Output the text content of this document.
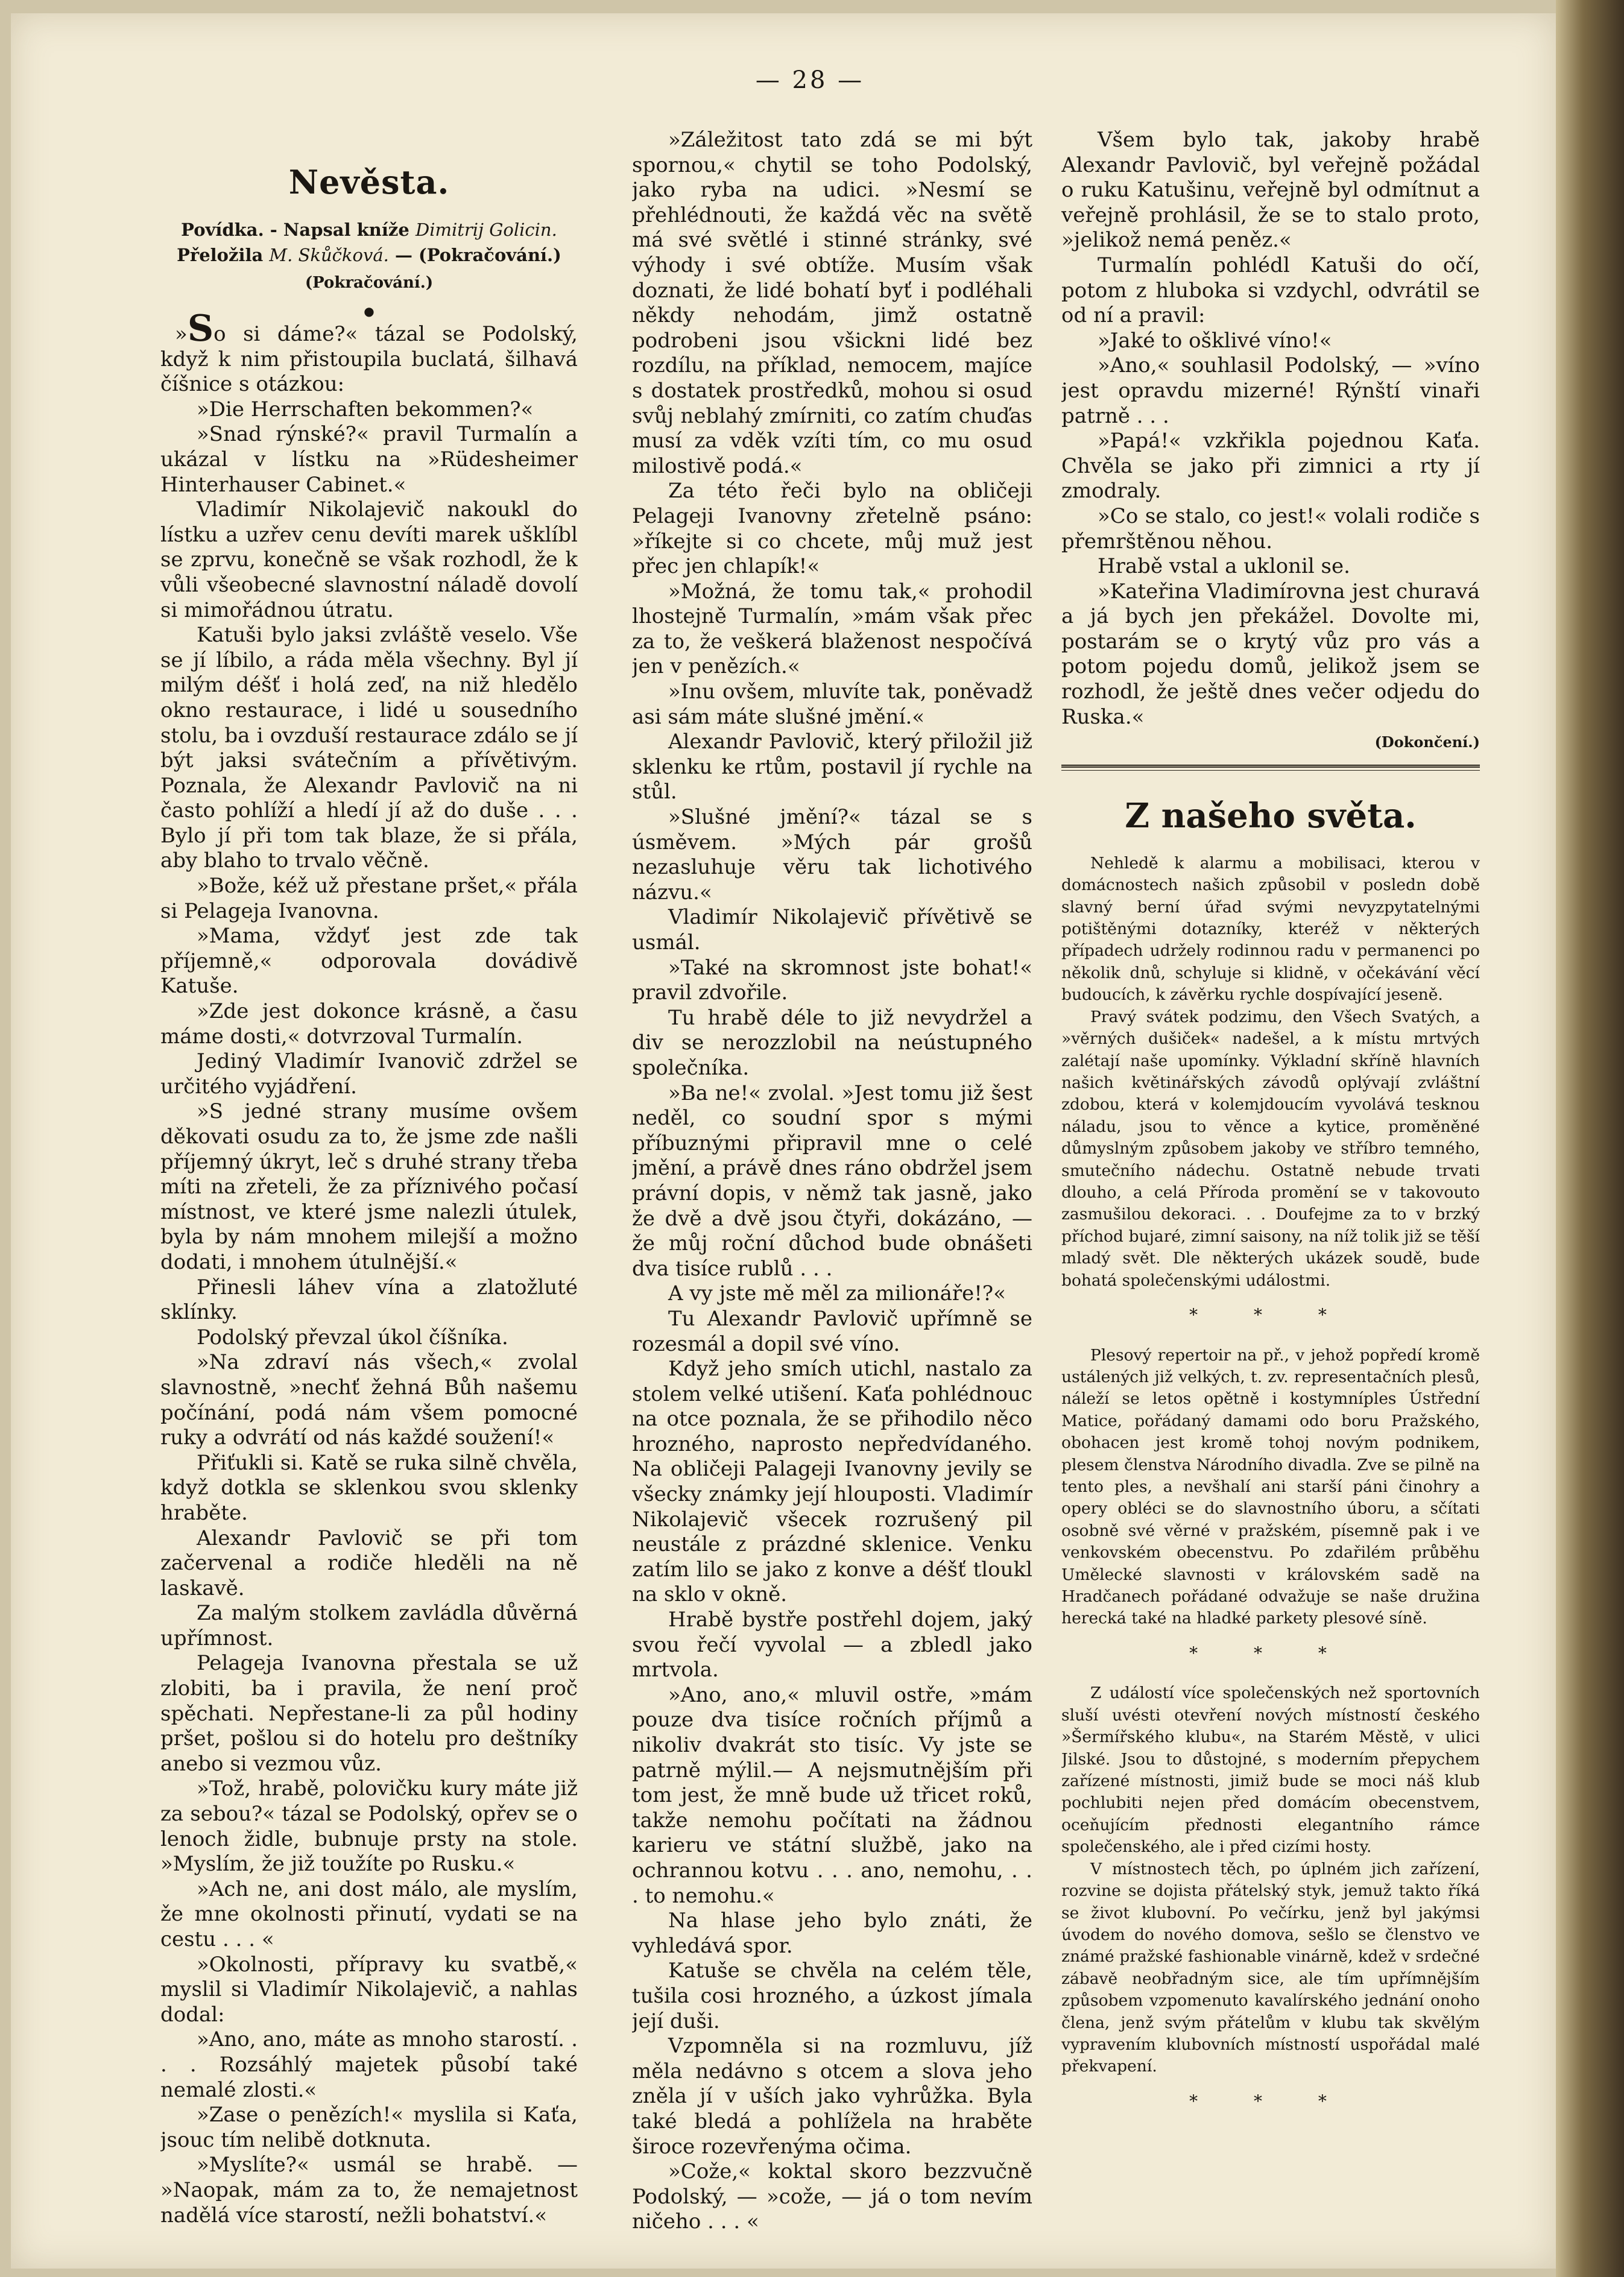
— 28 —
Nevěsta.
Povídka. - Napsal kníže Dimitrij Golicin.
Přeložila M. Skůčková. — (Pokračování.)
(Pokračování.)
●

»So si dáme?« tázal se Podolský, když k nim přistoupila buclatá, šilhavá číšnice s otázkou:

»Die Herrschaften bekommen?«

»Snad rýnské?« pravil Turmalín a ukázal v lístku na »Rüdesheimer Hinterhauser Cabinet.«

Vladimír Nikolajevič nakoukl do lístku a uzřev cenu devíti marek ušklíbl se zprvu, konečně se však rozhodl, že k vůli všeobecné slavnostní náladě dovolí si mimořádnou útratu.

Katuši bylo jaksi zvláště veselo. Vše se jí líbilo, a ráda měla všechny. Byl jí milým déšť i holá zeď, na niž hledělo okno restaurace, i lidé u sousedního stolu, ba i ovzduší restaurace zdálo se jí být jaksi svátečním a přívětivým. Poznala, že Alexandr Pavlovič na ni často pohlíží a hledí jí až do duše . . . Bylo jí při tom tak blaze, že si přála, aby blaho to trvalo věčně.

»Bože, kéž už přestane pršet,« přála si Pelageja Ivanovna.

»Mama, vždyť jest zde tak příjemně,« odporovala dovádivě Katuše.

»Zde jest dokonce krásně, a času máme dosti,« dotvrzoval Turmalín.

Jediný Vladimír Ivanovič zdržel se určitého vyjádření.

»S jedné strany musíme ovšem děkovati osudu za to, že jsme zde našli příjemný úkryt, leč s druhé strany třeba míti na zřeteli, že za příznivého počasí místnost, ve které jsme nalezli útulek, byla by nám mnohem milejší a možno dodati, i mnohem útulnější.«

Přinesli láhev vína a zlatožluté sklínky.

Podolský převzal úkol číšníka.

»Na zdraví nás všech,« zvolal slavnostně, »nechť žehná Bůh našemu počínání, podá nám všem pomocné ruky a odvrátí od nás každé soužení!«

Přiťukli si. Katě se ruka silně chvěla, když dotkla se sklenkou svou sklenky hraběte.

Alexandr Pavlovič se při tom začervenal a rodiče hleděli na ně laskavě.

Za malým stolkem zavládla důvěrná upřímnost.

Pelageja Ivanovna přestala se už zlobiti, ba i pravila, že není proč spěchati. Nepřestane-li za půl hodiny pršet, pošlou si do hotelu pro deštníky anebo si vezmou vůz.

»Tož, hrabě, polovičku kury máte již za sebou?« tázal se Podolský, opřev se o lenoch židle, bubnuje prsty na stole. »Myslím, že již toužíte po Rusku.«

»Ach ne, ani dost málo, ale myslím, že mne okolnosti přinutí, vydati se na cestu . . . «

»Okolnosti, přípravy ku svatbě,« myslil si Vladimír Nikolajevič, a nahlas dodal:

»Ano, ano, máte as mnoho starostí. . . . Rozsáhlý majetek působí také nemalé zlosti.«

»Zase o penězích!« myslila si Kaťa, jsouc tím nelibě dotknuta.

»Myslíte?« usmál se hrabě. — »Naopak, mám za to, že nemajetnost nadělá více starostí, nežli bohatství.«

»Záležitost tato zdá se mi být spornou,« chytil se toho Podolský, jako ryba na udici. »Nesmí se přehlédnouti, že každá věc na světě má své světlé i stinné stránky, své výhody i své obtíže. Musím však doznati, že lidé bohatí byť i podléhali někdy nehodám, jimž ostatně podrobeni jsou všickni lidé bez rozdílu, na příklad, nemocem, majíce s dostatek prostředků, mohou si osud svůj neblahý zmírniti, co zatím chuďas musí za vděk vzíti tím, co mu osud milostivě podá.«

Za této řeči bylo na obličeji Pelageji Ivanovny zřetelně psáno: »říkejte si co chcete, můj muž jest přec jen chlapík!«

»Možná, že tomu tak,« prohodil lhostejně Turmalín, »mám však přec za to, že veškerá blaženost nespočívá jen v penězích.«

»Inu ovšem, mluvíte tak, poněvadž asi sám máte slušné jmění.«

Alexandr Pavlovič, který přiložil již sklenku ke rtům, postavil jí rychle na stůl.

»Slušné jmění?« tázal se s úsměvem. »Mých pár grošů nezasluhuje věru tak lichotivého názvu.«

Vladimír Nikolajevič přívětivě se usmál.

»Také na skromnost jste bohat!« pravil zdvořile.

Tu hrabě déle to již nevydržel a div se nerozzlobil na neústupného společníka.

»Ba ne!« zvolal. »Jest tomu již šest neděl, co soudní spor s mými příbuznými připravil mne o celé jmění, a právě dnes ráno obdržel jsem právní dopis, v němž tak jasně, jako že dvě a dvě jsou čtyři, dokázáno, — že můj roční důchod bude obnášeti dva tisíce rublů . . .

A vy jste mě měl za milionáře!?«

Tu Alexandr Pavlovič upřímně se rozesmál a dopil své víno.

Když jeho smích utichl, nastalo za stolem velké utišení. Kaťa pohlédnouc na otce poznala, že se přihodilo něco hrozného, naprosto nepředvídaného. Na obličeji Palageji Ivanovny jevily se všecky známky její hlouposti. Vladimír Nikolajevič všecek rozrušený pil neustále z prázdné sklenice. Venku zatím lilo se jako z konve a déšť tloukl na sklo v okně.

Hrabě bystře postřehl dojem, jaký svou řečí vyvolal — a zbledl jako mrtvola.

»Ano, ano,« mluvil ostře, »mám pouze dva tisíce ročních příjmů a nikoliv dvakrát sto tisíc. Vy jste se patrně mýlil.— A nejsmutnějším při tom jest, že mně bude už třicet roků, takže nemohu počítati na žádnou karieru ve státní službě, jako na ochrannou kotvu . . . ano, nemohu, . . . to nemohu.«

Na hlase jeho bylo znáti, že vyhledává spor.

Katuše se chvěla na celém těle, tušila cosi hrozného, a úzkost jímala její duši.

Vzpomněla si na rozmluvu, jíž měla nedávno s otcem a slova jeho zněla jí v uších jako vyhrůžka. Byla také bledá a pohlížela na hraběte široce rozevřenýma očima.

»Cože,« koktal skoro bezzvučně Podolský, — »cože, — já o tom nevím ničeho . . . «

Všem bylo tak, jakoby hrabě Alexandr Pavlovič, byl veřejně požádal o ruku Katušinu, veřejně byl odmítnut a veřejně prohlásil, že se to stalo proto, »jelikož nemá peněz.«

Turmalín pohlédl Katuši do očí, potom z hluboka si vzdychl, odvrátil se od ní a pravil:

»Jaké to ošklivé víno!«

»Ano,« souhlasil Podolský, — »víno jest opravdu mizerné! Rýnští vinaři patrně . . .

»Papá!« vzkřikla pojednou Kaťa. Chvěla se jako při zimnici a rty jí zmodraly.

»Co se stalo, co jest!« volali rodiče s přemrštěnou něhou.

Hrabě vstal a uklonil se.

»Kateřina Vladimírovna jest churavá a já bych jen překážel. Dovolte mi, postarám se o krytý vůz pro vás a potom pojedu domů, jelikož jsem se rozhodl, že ještě dnes večer odjedu do Ruska.«

(Dokončení.)
Z našeho světa.

Nehledě k alarmu a mobilisaci, kterou v domácnostech našich způsobil v posledn době slavný berní úřad svými nevyzpytatelnými potištěnými dotazníky, kteréž v některých případech udržely rodinnou radu v permanenci po několik dnů, schyluje si klidně, v očekávání věcí budoucích, k závěrku rychle dospívající jeseně.

Pravý svátek podzimu, den Všech Svatých, a »věrných dušiček« nadešel, a k místu mrtvých zalétají naše upomínky. Výkladní skříně hlavních našich květinářských závodů oplývají zvláštní zdobou, která v kolemjdoucím vyvolává tesknou náladu, jsou to věnce a kytice, proměněné důmyslným způsobem jakoby ve stříbro temného, smutečního nádechu. Ostatně nebude trvati dlouho, a celá Příroda promění se v takovouto zasmušilou dekoraci. . . Doufejme za to v brzký příchod bujaré, zimní saisony, na níž tolik již se těší mladý svět. Dle některých ukázek soudě, bude bohatá společenskými událostmi.

* * *

Plesový repertoir na př., v jehož popředí kromě ustálených již velkých, t. zv. representačních plesů, náleží se letos opětně i kostymníples Ústřední Matice, pořádaný damami odo boru Pražského, obohacen jest kromě tohoj novým podnikem, plesem členstva Národního divadla. Zve se pilně na tento ples, a nevšhalí ani starší páni činohry a opery obléci se do slavnostního úboru, a sčítati osobně své věrné v pražském, písemně pak i ve venkovském obecenstvu. Po zdařilém průběhu Umělecké slavnosti v královském sadě na Hradčanech pořádané odvažuje se naše družina herecká také na hladké parkety plesové síně.

* * *

Z událostí více společenských než sportovních sluší uvésti otevření nových místností českého »Šermířského klubu«, na Starém Městě, v ulici Jilské. Jsou to důstojné, s moderním přepychem zařízené místnosti, jimiž bude se moci náš klub pochlubiti nejen před domácím obecenstvem, oceňujícím přednosti elegantního rámce společenského, ale i před cizími hosty.

V místnostech těch, po úplném jich zařízení, rozvine se dojista přátelský styk, jemuž takto říká se život klubovní. Po večírku, jenž byl jakýmsi úvodem do nového domova, sešlo se členstvo ve známé pražské fashionable vinárně, kdež v srdečné zábavě neobřadným sice, ale tím upřímnějším způsobem vzpomenuto kavalírského jednání onoho člena, jenž svým přátelům v klubu tak skvělým vypravením klubovních místností uspořádal malé překvapení.

* * *
